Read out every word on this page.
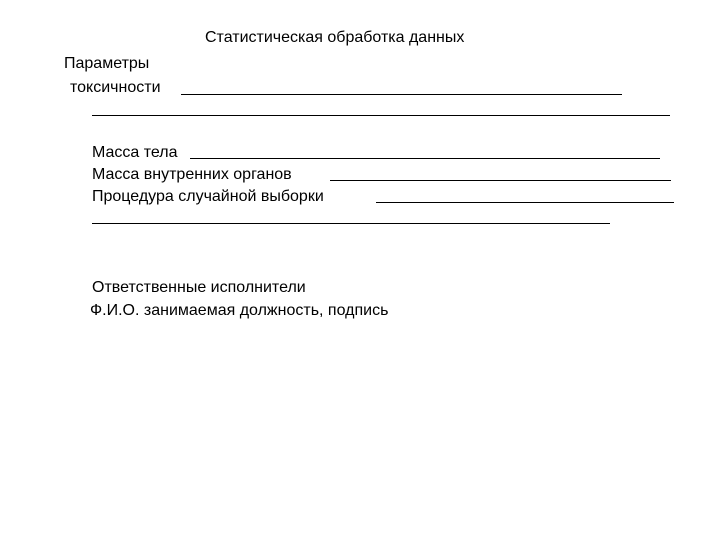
Статистическая обработка данных
Параметры
токсичности
Масса тела
Масса внутренних органов
Процедура случайной выборки
Ответственные исполнители
Ф.И.О. занимаемая должность, подпись
